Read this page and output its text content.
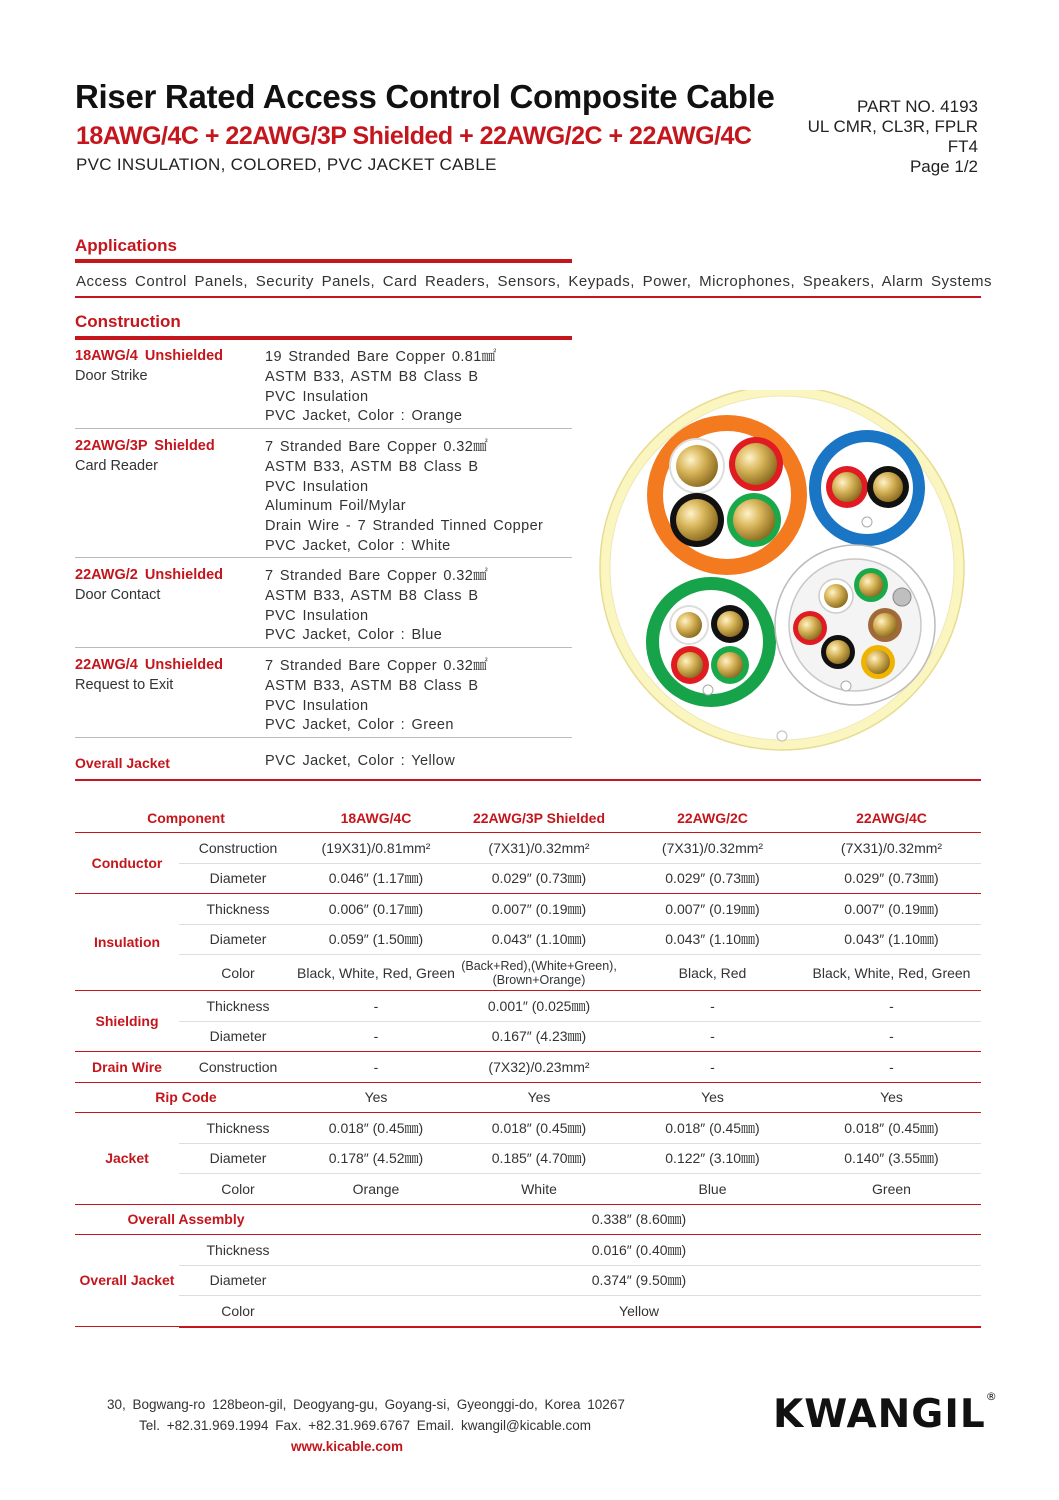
Riser Rated Access Control Composite Cable
18AWG/4C + 22AWG/3P Shielded + 22AWG/2C + 22AWG/4C
PVC INSULATION, COLORED, PVC JACKET CABLE
PART NO. 4193
UL CMR, CL3R, FPLR
FT4
Page 1/2
Applications
Access Control Panels, Security Panels, Card Readers, Sensors, Keypads, Power, Microphones, Speakers, Alarm Systems
Construction
18AWG/4 Unshielded
Door Strike
19 Stranded Bare Copper 0.81㎟
ASTM B33, ASTM B8 Class B
PVC Insulation
PVC Jacket, Color : Orange
22AWG/3P Shielded
Card Reader
7 Stranded Bare Copper 0.32㎟
ASTM B33, ASTM B8 Class B
PVC Insulation
Aluminum Foil/Mylar
Drain Wire - 7 Stranded Tinned Copper
PVC Jacket, Color : White
22AWG/2 Unshielded
Door Contact
7 Stranded Bare Copper 0.32㎟
ASTM B33, ASTM B8 Class B
PVC Insulation
PVC Jacket, Color : Blue
22AWG/4 Unshielded
Request to Exit
7 Stranded Bare Copper 0.32㎟
ASTM B33, ASTM B8 Class B
PVC Insulation
PVC Jacket, Color : Green
Overall Jacket	PVC Jacket, Color : Yellow
Component		18AWG/4C	22AWG/3P Shielded	22AWG/2C	22AWG/4C
Conductor	Construction	(19X31)/0.81mm²	(7X31)/0.32mm²	(7X31)/0.32mm²	(7X31)/0.32mm²
	Diameter	0.046″ (1.17㎜)	0.029″ (0.73㎜)	0.029″ (0.73㎜)	0.029″ (0.73㎜)
Insulation	Thickness	0.006″ (0.17㎜)	0.007″ (0.19㎜)	0.007″ (0.19㎜)	0.007″ (0.19㎜)
	Diameter	0.059″ (1.50㎜)	0.043″ (1.10㎜)	0.043″ (1.10㎜)	0.043″ (1.10㎜)
	Color	Black, White, Red, Green	(Back+Red),(White+Green),
(Brown+Orange)	Black, Red	Black, White, Red, Green
Shielding	Thickness	-	0.001″ (0.025㎜)	-	-
	Diameter	-	0.167″ (4.23㎜)	-	-
Drain Wire	Construction	-	(7X32)/0.23mm²	-	-
Rip Code		Yes	Yes	Yes	Yes
Jacket	Thickness	0.018″ (0.45㎜)	0.018″ (0.45㎜)	0.018″ (0.45㎜)	0.018″ (0.45㎜)
	Diameter	0.178″ (4.52㎜)	0.185″ (4.70㎜)	0.122″ (3.10㎜)	0.140″ (3.55㎜)
	Color	Orange	White	Blue	Green
Overall Assembly		0.338″ (8.60㎜)			
Overall Jacket	Thickness	0.016″ (0.40㎜)			
	Diameter	0.374″ (9.50㎜)			
	Color	Yellow			
30, Bogwang-ro 128beon-gil, Deogyang-gu, Goyang-si, Gyeonggi-do, Korea 10267
Tel. +82.31.969.1994 Fax. +82.31.969.6767 Email. kwangil@kicable.com
www.kicable.com
KWANGIL®
